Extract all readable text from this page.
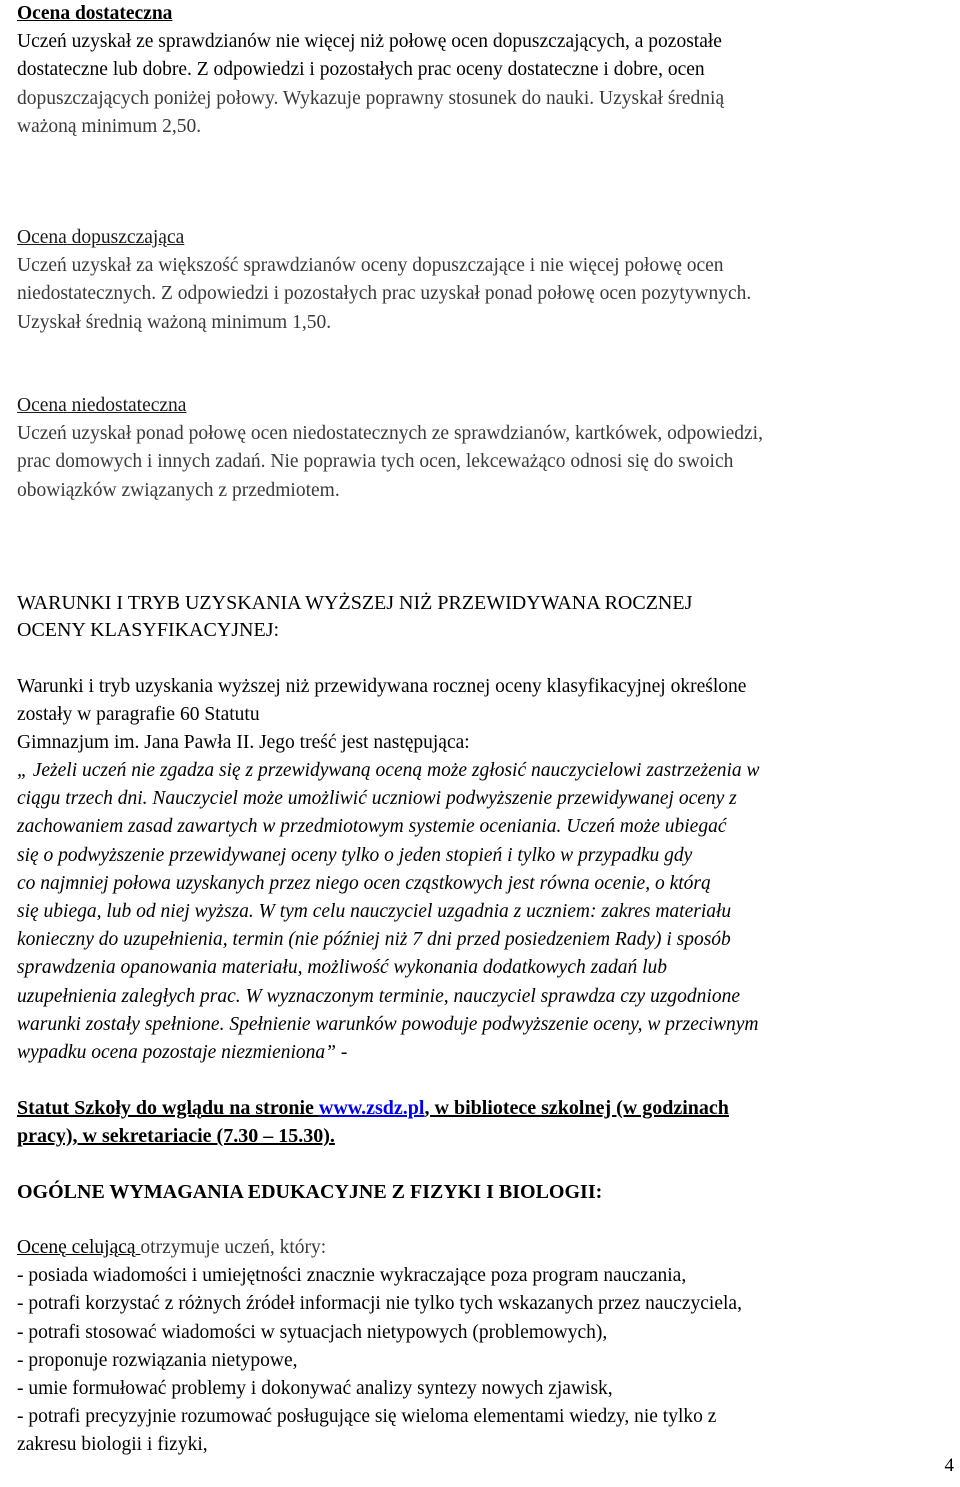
Ocena dostateczna

Uczeń uzyskał ze sprawdzianów nie więcej niż połowę ocen dopuszczających, a pozostałe

dostateczne lub dobre. Z odpowiedzi i pozostałych prac oceny dostateczne i dobre, ocen

dopuszczających poniżej połowy. Wykazuje poprawny stosunek do nauki. Uzyskał średnią

ważoną minimum 2,50.

Ocena dopuszczająca

Uczeń uzyskał za większość sprawdzianów oceny dopuszczające i nie więcej połowę ocen

niedostatecznych. Z odpowiedzi i pozostałych prac uzyskał ponad połowę ocen pozytywnych.

Uzyskał średnią ważoną minimum 1,50.

Ocena niedostateczna

Uczeń uzyskał ponad połowę ocen niedostatecznych ze sprawdzianów, kartkówek, odpowiedzi,

prac domowych i innych zadań. Nie poprawia tych ocen, lekceważąco odnosi się do swoich

obowiązków związanych z przedmiotem.

WARUNKI I TRYB UZYSKANIA WYŻSZEJ NIŻ PRZEWIDYWANA ROCZNEJ

OCENY KLASYFIKACYJNEJ:

Warunki i tryb uzyskania wyższej niż przewidywana rocznej oceny klasyfikacyjnej określone

zostały w paragrafie 60 Statutu

Gimnazjum im. Jana Pawła II. Jego treść jest następująca:

„ Jeżeli uczeń nie zgadza się z przewidywaną oceną może zgłosić nauczycielowi zastrzeżenia w

ciągu trzech dni. Nauczyciel może umożliwić uczniowi podwyższenie przewidywanej oceny z

zachowaniem zasad zawartych w przedmiotowym systemie oceniania. Uczeń może ubiegać

się o podwyższenie przewidywanej oceny tylko o jeden stopień i tylko w przypadku gdy

co najmniej połowa uzyskanych przez niego ocen cząstkowych jest równa ocenie, o którą

się ubiega, lub od niej wyższa. W tym celu nauczyciel uzgadnia z uczniem: zakres materiału

konieczny do uzupełnienia, termin (nie później niż 7 dni przed posiedzeniem Rady) i sposób

sprawdzenia opanowania materiału, możliwość wykonania dodatkowych zadań lub

uzupełnienia zaległych prac. W wyznaczonym terminie, nauczyciel sprawdza czy uzgodnione

warunki zostały spełnione. Spełnienie warunków powoduje podwyższenie oceny, w przeciwnym

wypadku ocena pozostaje niezmieniona” -

Statut Szkoły do wglądu na stronie www.zsdz.pl, w bibliotece szkolnej (w godzinach

pracy), w sekretariacie (7.30 – 15.30).

OGÓLNE WYMAGANIA EDUKACYJNE Z FIZYKI I BIOLOGII:

Ocenę celującą otrzymuje uczeń, który:

- posiada wiadomości i umiejętności znacznie wykraczające poza program nauczania,
- potrafi korzystać z różnych źródeł informacji nie tylko tych wskazanych przez nauczyciela,
- potrafi stosować wiadomości w sytuacjach nietypowych (problemowych),
- proponuje rozwiązania nietypowe,
- umie formułować problemy i dokonywać analizy syntezy nowych zjawisk,
- potrafi precyzyjnie rozumować posługujące się wieloma elementami wiedzy, nie tylko z
zakresu biologii i fizyki,
4
